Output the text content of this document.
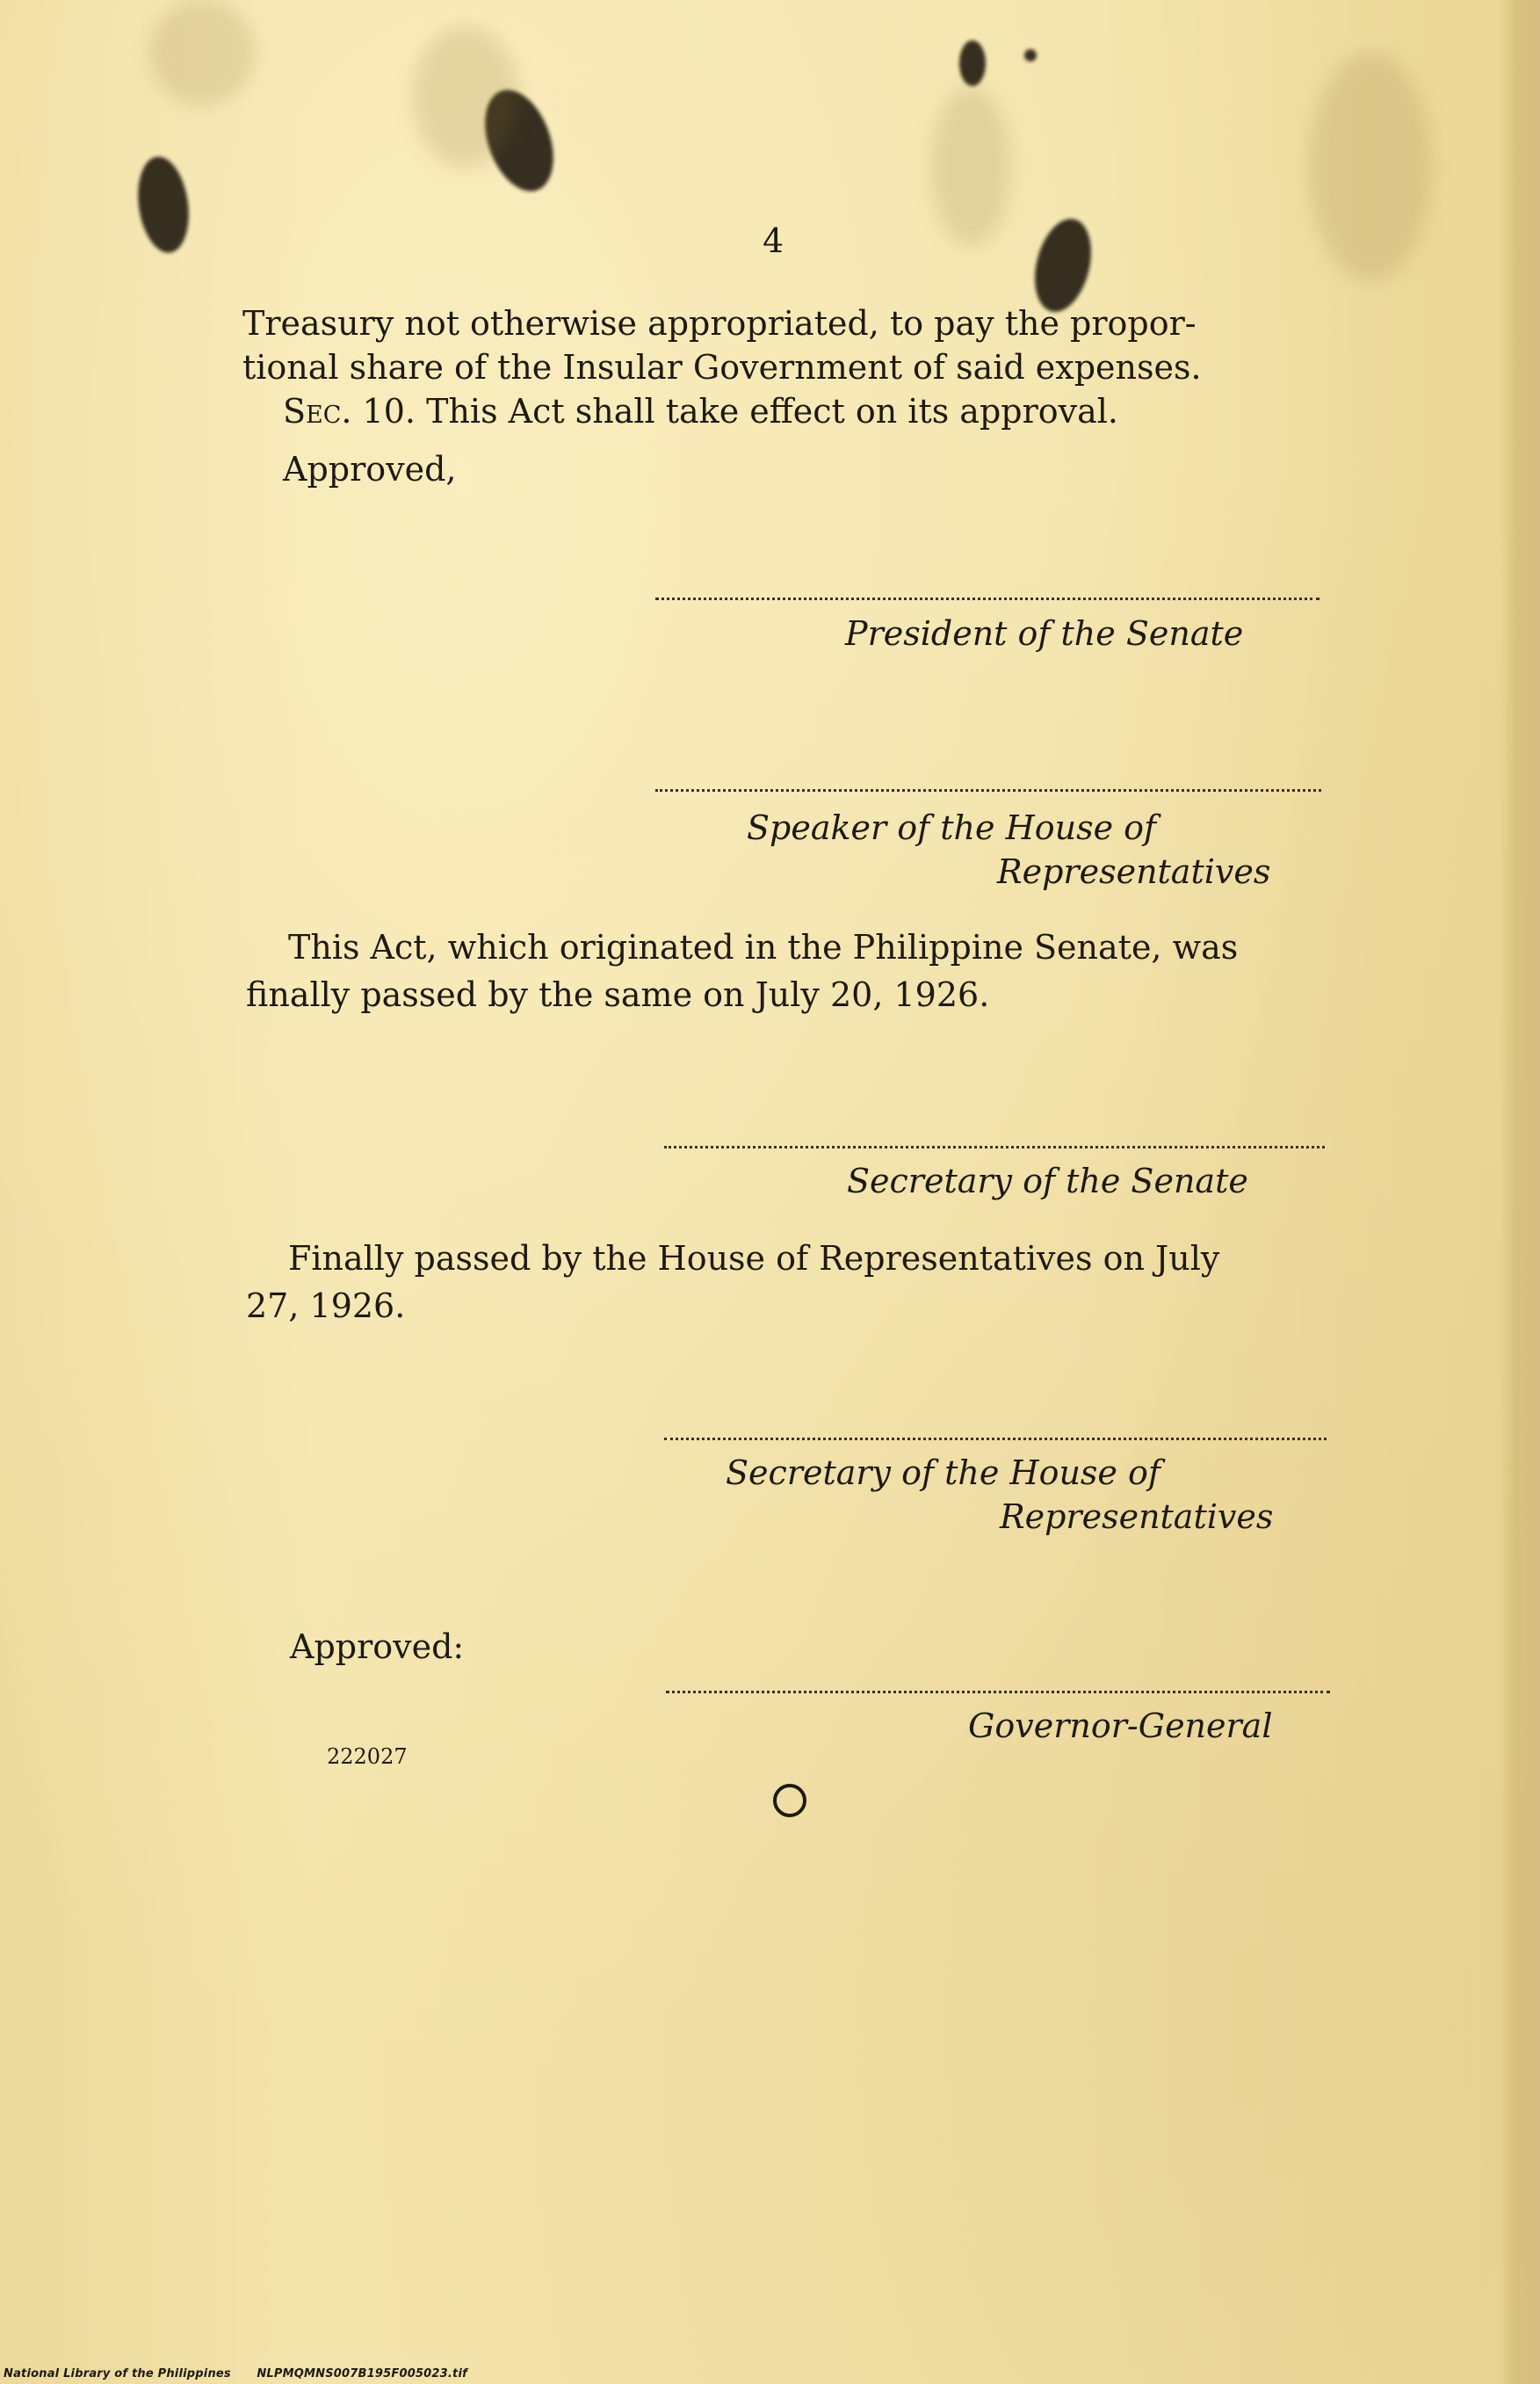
4
Treasury not otherwise appropriated, to pay the propor-
tional share of the Insular Government of said expenses.
Sec. 10. This Act shall take effect on its approval.
Approved,
President of the Senate
Speaker of the House of
Representatives
This Act, which originated in the Philippine Senate, was
finally passed by the same on July 20, 1926.
Secretary of the Senate
Finally passed by the House of Representatives on July
27, 1926.
Secretary of the House of
Representatives
Approved:
Governor-General
222027
National Library of the Philippines NLPMQMNS007B195F005023.tif
